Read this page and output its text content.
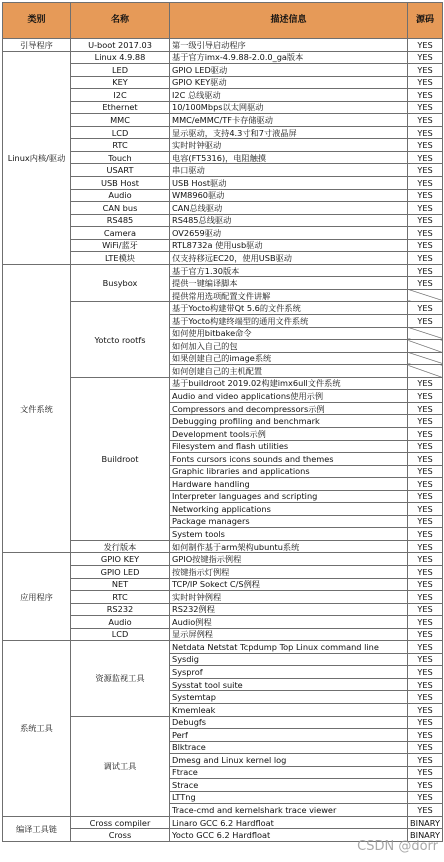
类别	名称	描述信息	源码
引导程序	U-boot 2017.03	第一级引导启动程序	YES
Linux内核/驱动	Linux 4.9.88	基于官方imx-4.9.88-2.0.0_ga版本	YES
	LED	GPIO LED驱动	YES
	KEY	GPIO KEY驱动	YES
	I2C	I2C 总线驱动	YES
	Ethernet	10/100Mbps以太网驱动	YES
	MMC	MMC/eMMC/TF卡存储驱动	YES
	LCD	显示驱动，支持4.3寸和7寸液晶屏	YES
	RTC	实时时钟驱动	YES
	Touch	电容(FT5316)，电阻触摸	YES
	USART	串口驱动	YES
	USB Host	USB Host驱动	YES
	Audio	WM8960驱动	YES
	CAN bus	CAN总线驱动	YES
	RS485	RS485总线驱动	YES
	Camera	OV2659驱动	YES
	WiFi/蓝牙	RTL8732a 使用usb驱动	YES
	LTE模块	仅支持移远EC20，使用USB驱动	YES
文件系统	Busybox	基于官方1.30版本	YES
		提供一键编译脚本	YES
		提供常用选项配置文件讲解	
	Yotcto rootfs	基于Yocto构建带Qt 5.6的文件系统	YES
		基于Yocto构建终端型的通用文件系统	YES
		如何使用bitbake命令	
		如何加入自己的包	
		如果创建自己的image系统	
		如何创建自己的主机配置	
	Buildroot	基于buildroot 2019.02构建imx6ull文件系统	YES
		Audio and video applications使用示例	YES
		Compressors and decompressors示例	YES
		Debugging profiling and benchmark	YES
		Development tools示例	YES
		Filesystem and flash utilities	YES
		Fonts cursors icons sounds and themes	YES
		Graphic libraries and applications	YES
		Hardware handling	YES
		Interpreter languages and scripting	YES
		Networking applications	YES
		Package managers	YES
		System tools	YES
	发行版本	如何制作基于arm架构ubuntu系统	YES
应用程序	GPIO KEY	GPIO按键指示例程	YES
	GPIO LED	按键指示灯例程	YES
	NET	TCP/IP Sokect C/S例程	YES
	RTC	实时时钟例程	YES
	RS232	RS232例程	YES
	Audio	Audio例程	YES
	LCD	显示屏例程	YES
系统工具	资源监视工具	Netdata Netstat Tcpdump Top Linux command line	YES
		Sysdig	YES
		Sysprof	YES
		Sysstat tool suite	YES
		Systemtap	YES
		Kmemleak	YES
	调试工具	Debugfs	YES
		Perf	YES
		Blktrace	YES
		Dmesg and Linux kernel log	YES
		Ftrace	YES
		Strace	YES
		LTTng	YES
		Trace-cmd and kernelshark trace viewer	YES
编译工具链	Cross compiler	Linaro GCC 6.2 Hardfloat	BINARY
	Cross	Yocto GCC 6.2 Hardfloat	BINARY
CSDN @dorr
